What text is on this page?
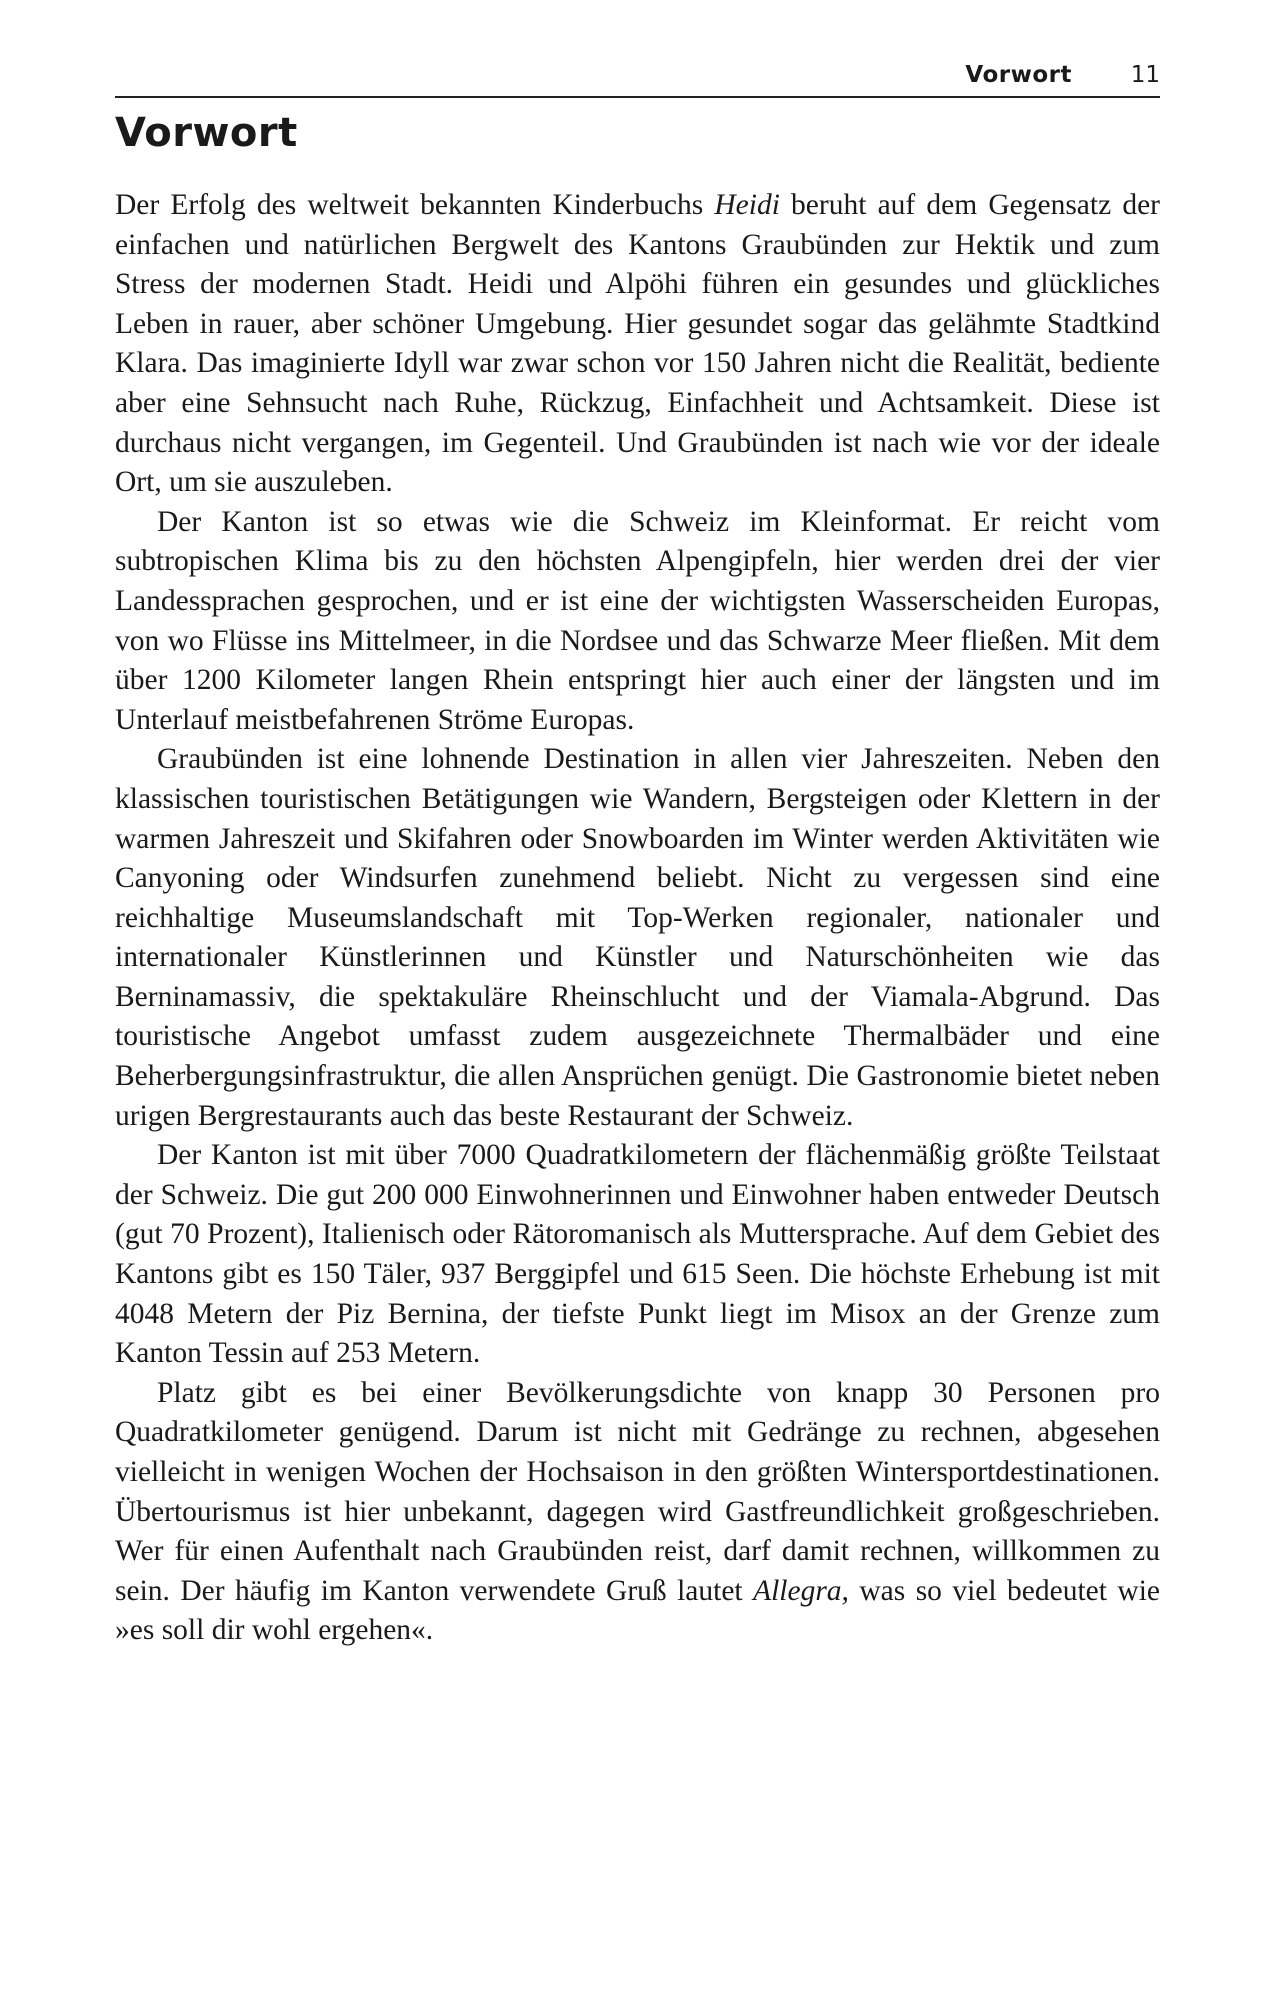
Vorwort	11
Vorwort

Der Erfolg des weltweit bekannten Kinderbuchs Heidi beruht auf dem Gegensatz der einfachen und natürlichen Bergwelt des Kantons Graubünden zur Hektik und zum Stress der modernen Stadt. Heidi und Alpöhi führen ein gesundes und glückliches Leben in rauer, aber schöner Umgebung. Hier gesundet sogar das gelähmte Stadtkind Klara. Das imaginierte Idyll war zwar schon vor 150 Jahren nicht die Realität, bediente aber eine Sehnsucht nach Ruhe, Rückzug, Einfachheit und Achtsamkeit. Diese ist durchaus nicht vergangen, im Gegenteil. Und Graubünden ist nach wie vor der ideale Ort, um sie auszuleben.

Der Kanton ist so etwas wie die Schweiz im Kleinformat. Er reicht vom subtropischen Klima bis zu den höchsten Alpengipfeln, hier werden drei der vier Landessprachen gesprochen, und er ist eine der wichtigsten Wasserscheiden Europas, von wo Flüsse ins Mittelmeer, in die Nordsee und das Schwarze Meer fließen. Mit dem über 1200 Kilometer langen Rhein entspringt hier auch einer der längsten und im Unterlauf meistbefahrenen Ströme Europas.

Graubünden ist eine lohnende Destination in allen vier Jahreszeiten. Neben den klassischen touristischen Betätigungen wie Wandern, Bergsteigen oder Klettern in der warmen Jahreszeit und Skifahren oder Snowboarden im Winter werden Aktivitäten wie Canyoning oder Windsurfen zunehmend beliebt. Nicht zu vergessen sind eine reichhaltige Museumslandschaft mit Top-Werken regionaler, nationaler und internationaler Künstlerinnen und Künstler und Naturschönheiten wie das Berninamassiv, die spektakuläre Rheinschlucht und der Viamala-Abgrund. Das touristische Angebot umfasst zudem ausgezeichnete Thermalbäder und eine Beherbergungsinfrastruktur, die allen Ansprüchen genügt. Die Gastronomie bietet neben urigen Bergrestaurants auch das beste Restaurant der Schweiz.

Der Kanton ist mit über 7000 Quadratkilometern der flächenmäßig größte Teilstaat der Schweiz. Die gut 200 000 Einwohnerinnen und Einwohner haben entweder Deutsch (gut 70 Prozent), Italienisch oder Rätoromanisch als Muttersprache. Auf dem Gebiet des Kantons gibt es 150 Täler, 937 Berggipfel und 615 Seen. Die höchste Erhebung ist mit 4048 Metern der Piz Bernina, der tiefste Punkt liegt im Misox an der Grenze zum Kanton Tessin auf 253 Metern.

Platz gibt es bei einer Bevölkerungsdichte von knapp 30 Personen pro Quadratkilometer genügend. Darum ist nicht mit Gedränge zu rechnen, abgesehen vielleicht in wenigen Wochen der Hochsaison in den größten Wintersportdestinationen. Übertourismus ist hier unbekannt, dagegen wird Gastfreundlichkeit großgeschrieben. Wer für einen Aufenthalt nach Graubünden reist, darf damit rechnen, willkommen zu sein. Der häufig im Kanton verwendete Gruß lautet Allegra, was so viel bedeutet wie »es soll dir wohl ergehen«.
